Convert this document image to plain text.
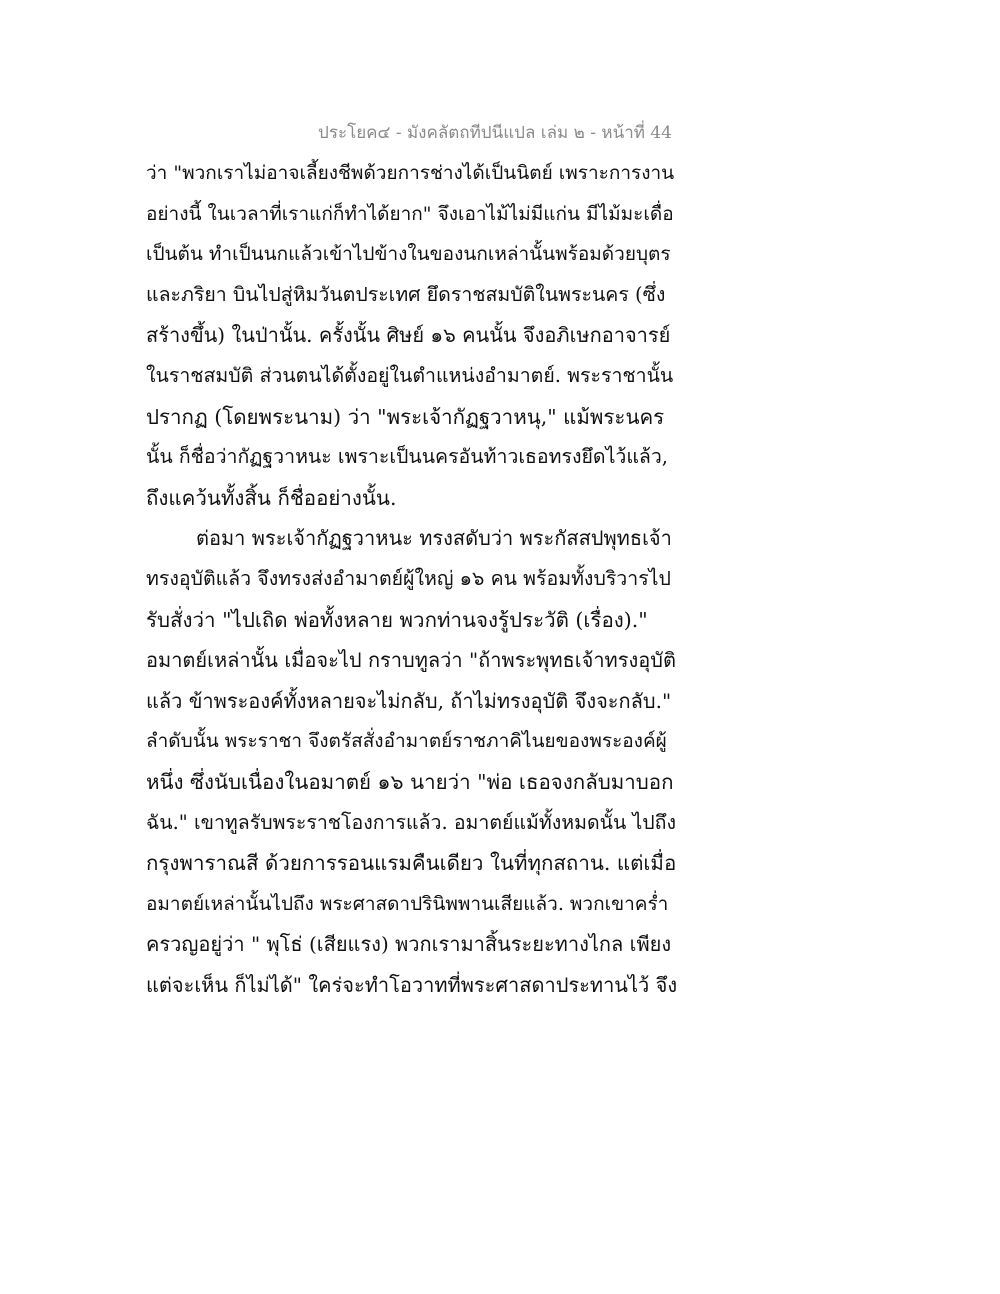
ประโยค๔ - มังคลัตถทีปนีแปล เล่ม ๒ - หน้าที่ 44
ว่า "พวกเราไม่อาจเลี้ยงชีพด้วยการช่างได้เป็นนิตย์ เพราะการงาน
อย่างนี้ ในเวลาที่เราแก่ก็ทำได้ยาก" จึงเอาไม้ไม่มีแก่น มีไม้มะเดื่อ
เป็นต้น ทำเป็นนกแล้วเข้าไปข้างในของนกเหล่านั้นพร้อมด้วยบุตร
และภริยา บินไปสู่หิมวันตประเทศ ยึดราชสมบัติในพระนคร (ซึ่ง
สร้างขึ้น) ในป่านั้น. ครั้งนั้น ศิษย์ ๑๖ คนนั้น จึงอภิเษกอาจารย์
ในราชสมบัติ ส่วนตนได้ตั้งอยู่ในตำแหน่งอำมาตย์. พระราชานั้น
ปรากฏ (โดยพระนาม) ว่า "พระเจ้ากัฏฐวาหนุ," แม้พระนคร
นั้น ก็ชื่อว่ากัฏฐวาหนะ เพราะเป็นนครอันท้าวเธอทรงยึดไว้แล้ว,
ถึงแคว้นทั้งสิ้น ก็ชื่ออย่างนั้น.
ต่อมา พระเจ้ากัฏฐวาหนะ ทรงสดับว่า พระกัสสปพุทธเจ้า
ทรงอุบัติแล้ว จึงทรงส่งอำมาตย์ผู้ใหญ่ ๑๖ คน พร้อมทั้งบริวารไป
รับสั่งว่า "ไปเถิด พ่อทั้งหลาย พวกท่านจงรู้ประวัติ (เรื่อง)."
อมาตย์เหล่านั้น เมื่อจะไป กราบทูลว่า "ถ้าพระพุทธเจ้าทรงอุบัติ
แล้ว ข้าพระองค์ทั้งหลายจะไม่กลับ, ถ้าไม่ทรงอุบัติ จึงจะกลับ."
ลำดับนั้น พระราชา จึงตรัสสั่งอำมาตย์ราชภาคิไนยของพระองค์ผู้
หนึ่ง ซึ่งนับเนื่องในอมาตย์ ๑๖ นายว่า "พ่อ เธอจงกลับมาบอก
ฉัน." เขาทูลรับพระราชโองการแล้ว. อมาตย์แม้ทั้งหมดนั้น ไปถึง
กรุงพาราณสี ด้วยการรอนแรมคืนเดียว ในที่ทุกสถาน. แต่เมื่อ
อมาตย์เหล่านั้นไปถึง พระศาสดาปรินิพพานเสียแล้ว. พวกเขาคร่ำ
ครวญอยู่ว่า " พุโธ่ (เสียแรง) พวกเรามาสิ้นระยะทางไกล เพียง
แต่จะเห็น ก็ไม่ได้" ใคร่จะทำโอวาทที่พระศาสดาประทานไว้ จึง
